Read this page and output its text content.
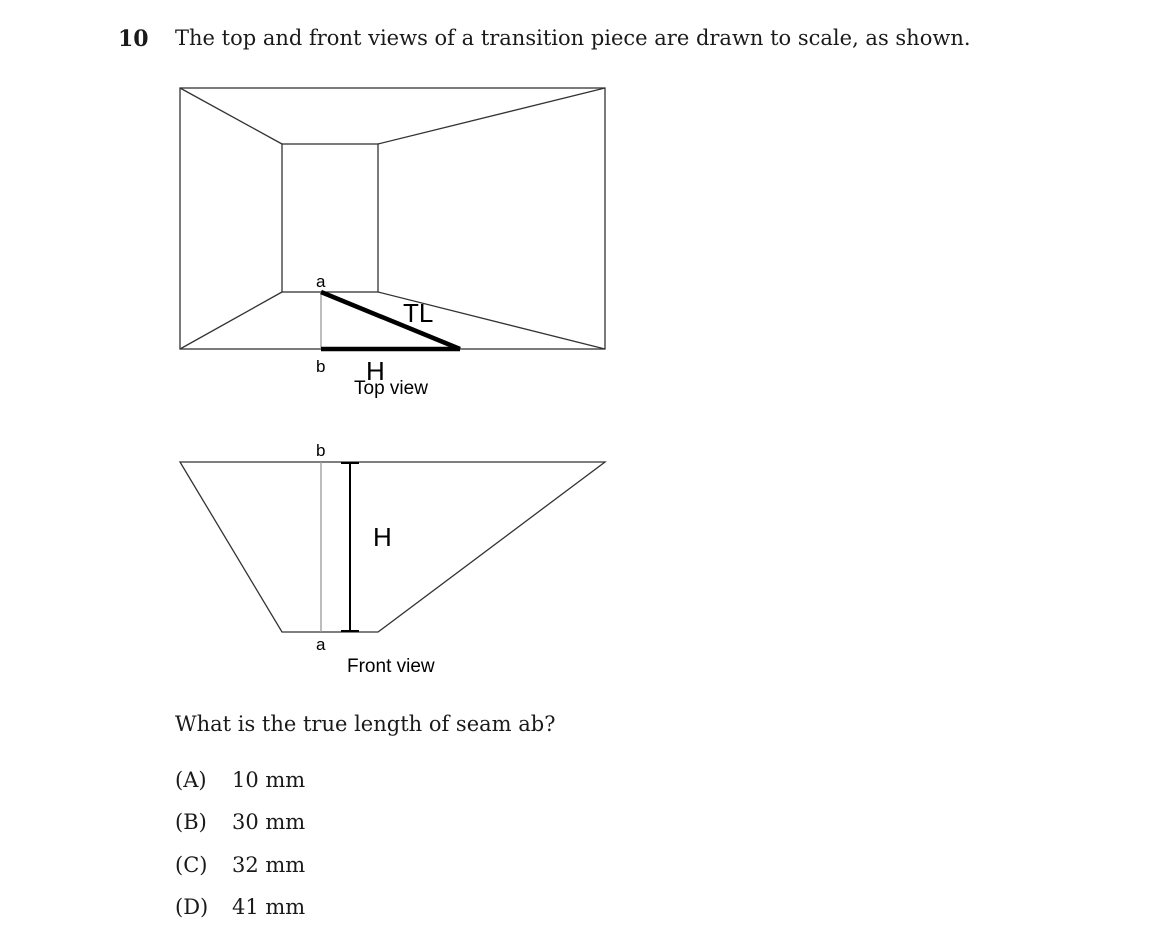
10 The top and front views of a transition piece are drawn to scale, as shown.
a
b
TL
H
Top view
b
a
H
Front view
What is the true length of seam ab?
(A) 10 mm
(B) 30 mm
(C) 32 mm
(D) 41 mm
